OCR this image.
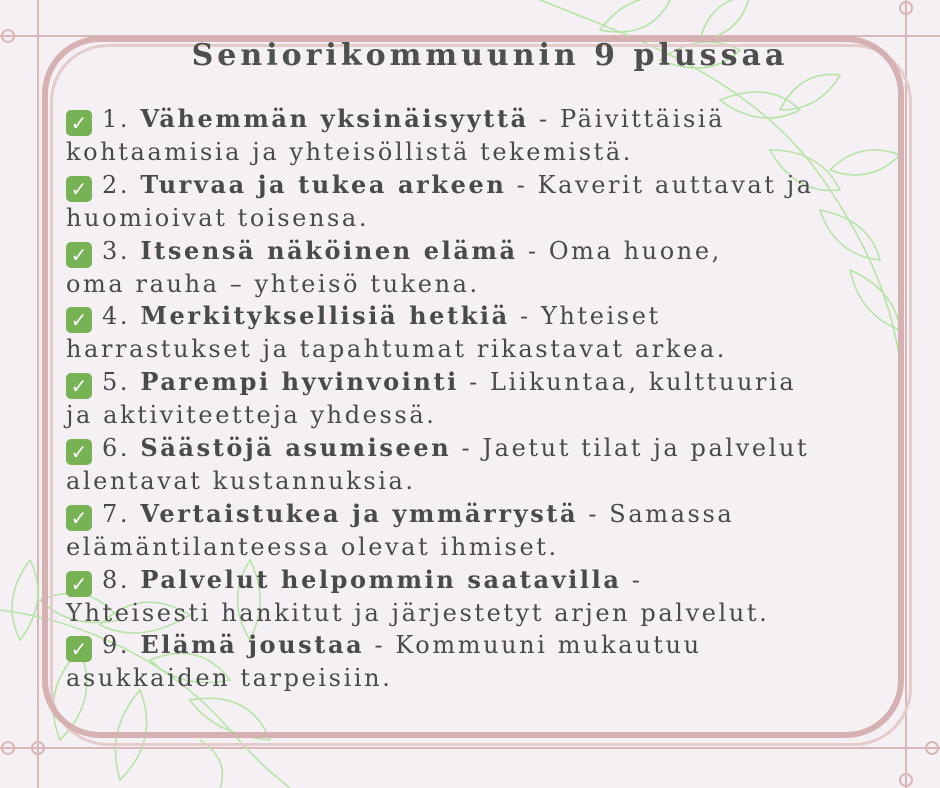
Seniorikommuunin 9 plussaa
✓ 1. Vähemmän yksinäisyyttä - Päivittäisiä
kohtaamisia ja yhteisöllistä tekemistä.
✓ 2. Turvaa ja tukea arkeen - Kaverit auttavat ja
huomioivat toisensa.
✓ 3. Itsensä näköinen elämä - Oma huone,
oma rauha – yhteisö tukena.
✓ 4. Merkityksellisiä hetkiä - Yhteiset
harrastukset ja tapahtumat rikastavat arkea.
✓ 5. Parempi hyvinvointi - Liikuntaa, kulttuuria
ja aktiviteetteja yhdessä.
✓ 6. Säästöjä asumiseen - Jaetut tilat ja palvelut
alentavat kustannuksia.
✓ 7. Vertaistukea ja ymmärrystä - Samassa
elämäntilanteessa olevat ihmiset.
✓ 8. Palvelut helpommin saatavilla -
Yhteisesti hankitut ja järjestetyt arjen palvelut.
✓ 9. Elämä joustaa - Kommuuni mukautuu
asukkaiden tarpeisiin.
